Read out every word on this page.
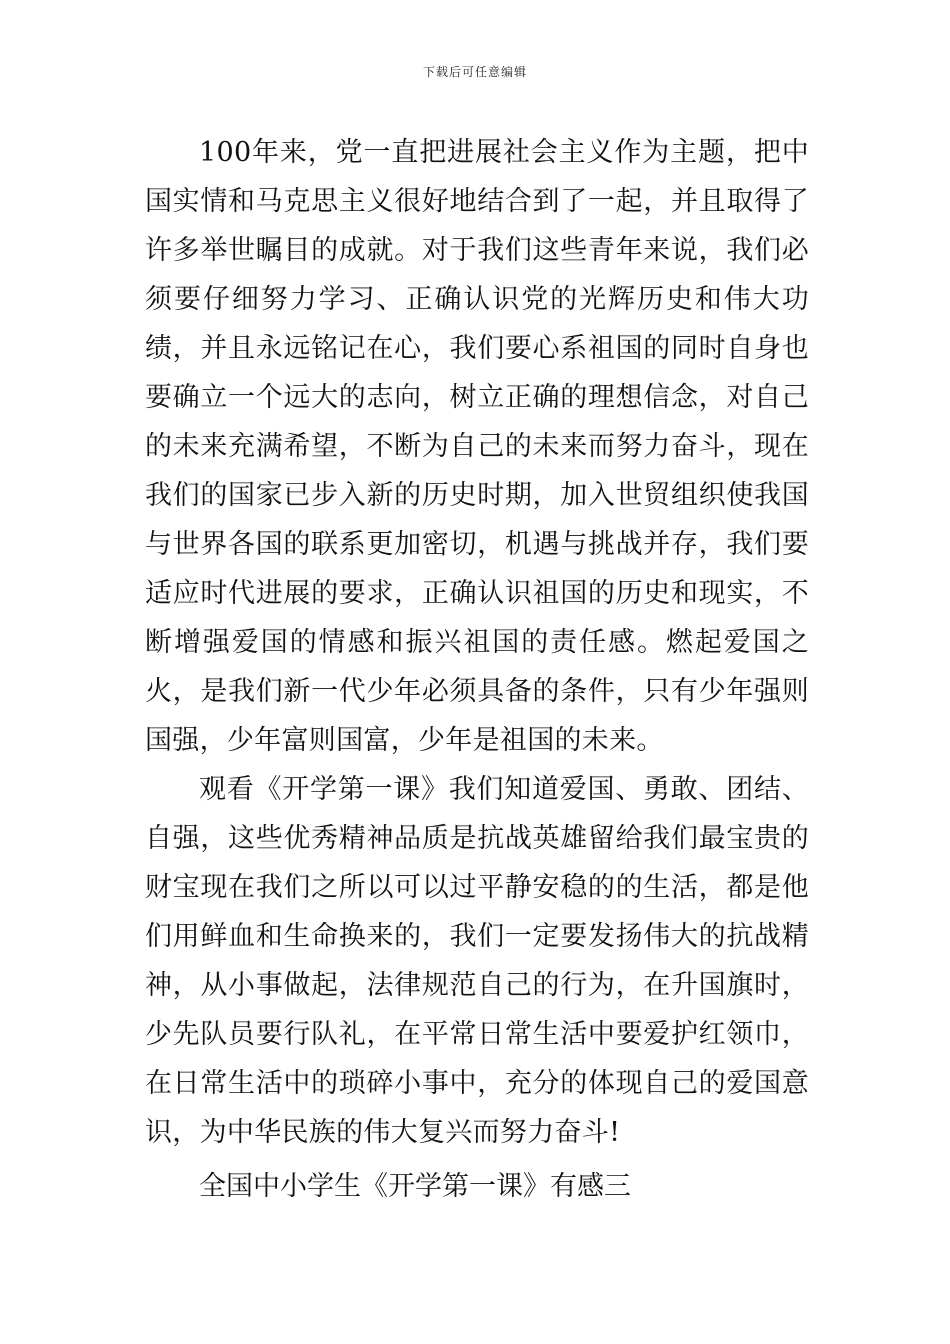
下载后可任意编辑

100年来，党一直把进展社会主义作为主题，把中国实情和马克思主义很好地结合到了一起，并且取得了许多举世瞩目的成就。对于我们这些青年来说，我们必须要仔细努力学习、正确认识党的光辉历史和伟大功绩，并且永远铭记在心，我们要心系祖国的同时自身也要确立一个远大的志向，树立正确的理想信念，对自己的未来充满希望，不断为自己的未来而努力奋斗，现在我们的国家已步入新的历史时期，加入世贸组织使我国与世界各国的联系更加密切，机遇与挑战并存，我们要适应时代进展的要求，正确认识祖国的历史和现实，不断增强爱国的情感和振兴祖国的责任感。燃起爱国之火，是我们新一代少年必须具备的条件，只有少年强则国强，少年富则国富，少年是祖国的未来。

观看《开学第一课》我们知道爱国、勇敢、团结、自强，这些优秀精神品质是抗战英雄留给我们最宝贵的财宝现在我们之所以可以过平静安稳的的生活，都是他们用鲜血和生命换来的，我们一定要发扬伟大的抗战精神，从小事做起，法律规范自己的行为，在升国旗时，少先队员要行队礼，在平常日常生活中要爱护红领巾，在日常生活中的琐碎小事中，充分的体现自己的爱国意识，为中华民族的伟大复兴而努力奋斗!

全国中小学生《开学第一课》有感三
